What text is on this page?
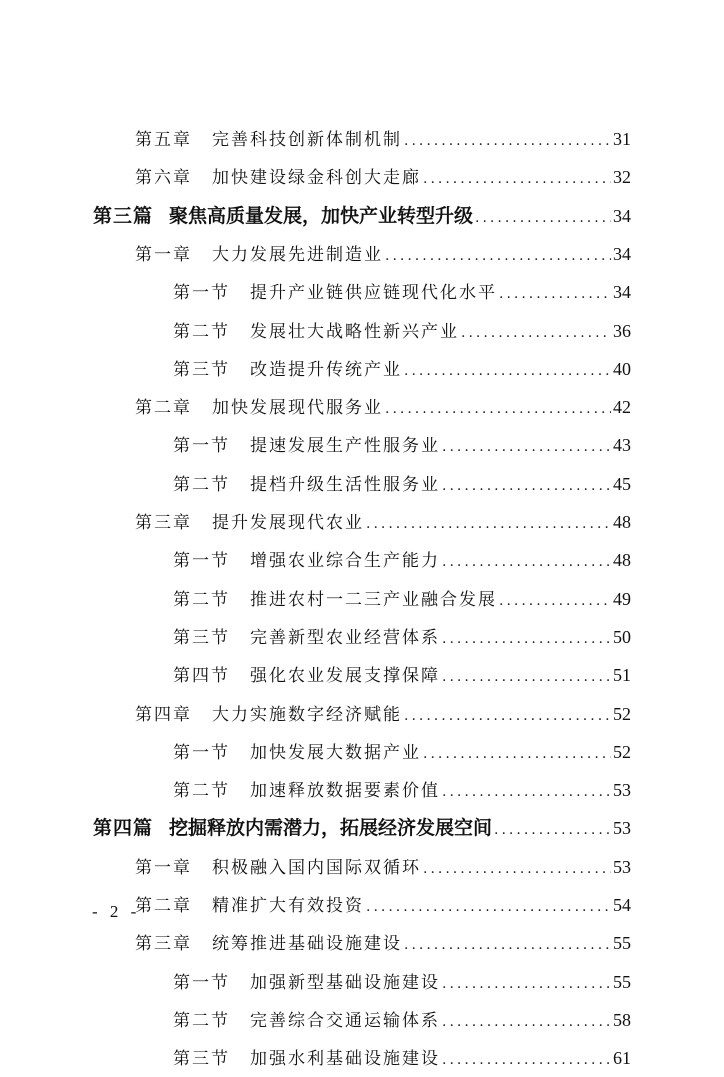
第五章 完善科技创新体制机制 .....	31
第六章 加快建设绿金科创大走廊 .....	32
第三篇 聚焦高质量发展，加快产业转型升级 .....	34
第一章 大力发展先进制造业 .....	34
第一节 提升产业链供应链现代化水平 .....	34
第二节 发展壮大战略性新兴产业 .....	36
第三节 改造提升传统产业 .....	40
第二章 加快发展现代服务业 .....	42
第一节 提速发展生产性服务业 .....	43
第二节 提档升级生活性服务业 .....	45
第三章 提升发展现代农业 .....	48
第一节 增强农业综合生产能力 .....	48
第二节 推进农村一二三产业融合发展 .....	49
第三节 完善新型农业经营体系 .....	50
第四节 强化农业发展支撑保障 .....	51
第四章 大力实施数字经济赋能 .....	52
第一节 加快发展大数据产业 .....	52
第二节 加速释放数据要素价值 .....	53
第四篇 挖掘释放内需潜力，拓展经济发展空间 .....	53
第一章 积极融入国内国际双循环 .....	53
第二章 精准扩大有效投资 .....	54
第三章 统筹推进基础设施建设 .....	55
第一节 加强新型基础设施建设 .....	55
第二节 完善综合交通运输体系 .....	58
第三节 加强水利基础设施建设 .....	61
- 2 -
